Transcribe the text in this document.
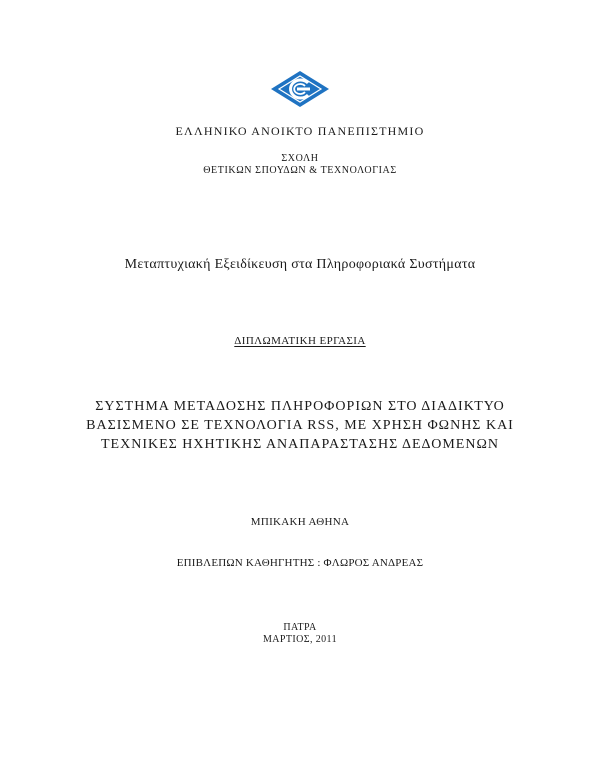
ΕΛΛΗΝΙΚΟ ΑΝΟΙΚΤΟ ΠΑΝΕΠΙΣΤΗΜΙΟ
ΣΧΟΛΗ
ΘΕΤΙΚΩΝ ΣΠΟΥΔΩΝ & ΤΕΧΝΟΛΟΓΙΑΣ
Μεταπτυχιακή Εξειδίκευση στα Πληροφοριακά Συστήματα
ΔΙΠΛΩΜΑΤΙΚΗ ΕΡΓΑΣΙΑ
ΣΥΣΤΗΜΑ ΜΕΤΑΔΟΣΗΣ ΠΛΗΡΟΦΟΡΙΩΝ ΣΤΟ ΔΙΑΔΙΚΤΥΟ
ΒΑΣΙΣΜΕΝΟ ΣΕ ΤΕΧΝΟΛΟΓΙΑ RSS, ΜΕ ΧΡΗΣΗ ΦΩΝΗΣ ΚΑΙ
ΤΕΧΝΙΚΕΣ ΗΧΗΤΙΚΗΣ ΑΝΑΠΑΡΑΣΤΑΣΗΣ ΔΕΔΟΜΕΝΩΝ
ΜΠΙΚΑΚΗ ΑΘΗΝΑ
ΕΠΙΒΛΕΠΩΝ ΚΑΘΗΓΗΤΗΣ : ΦΛΩΡΟΣ ΑΝΔΡΕΑΣ
ΠΑΤΡΑ
ΜΑΡΤΙΟΣ, 2011
